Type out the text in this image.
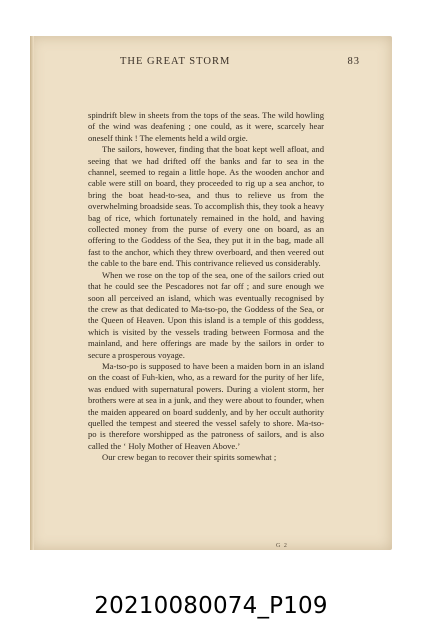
THE GREAT STORM	83

spindrift blew in sheets from the tops of the seas. The wild howling of the wind was deafening ; one could, as it were, scarcely hear oneself think ! The elements held a wild orgie.

The sailors, however, finding that the boat kept well afloat, and seeing that we had drifted off the banks and far to sea in the channel, seemed to regain a little hope. As the wooden anchor and cable were still on board, they proceeded to rig up a sea anchor, to bring the boat head-to-sea, and thus to relieve us from the overwhelming broadside seas. To accomplish this, they took a heavy bag of rice, which fortunately remained in the hold, and having collected money from the purse of every one on board, as an offering to the Goddess of the Sea, they put it in the bag, made all fast to the anchor, which they threw overboard, and then veered out the cable to the bare end. This contrivance relieved us considerably.

When we rose on the top of the sea, one of the sailors cried out that he could see the Pescadores not far off ; and sure enough we soon all perceived an island, which was eventually recognised by the crew as that dedicated to Ma-tso-po, the Goddess of the Sea, or the Queen of Heaven. Upon this island is a temple of this goddess, which is visited by the vessels trading between Formosa and the mainland, and here offerings are made by the sailors in order to secure a prosperous voyage.

Ma-tso-po is supposed to have been a maiden born in an island on the coast of Fuh-kien, who, as a reward for the purity of her life, was endued with supernatural powers. During a violent storm, her brothers were at sea in a junk, and they were about to founder, when the maiden appeared on board suddenly, and by her occult authority quelled the tempest and steered the vessel safely to shore. Ma-tso-po is therefore worshipped as the patroness of sailors, and is also called the ‘ Holy Mother of Heaven Above.’

Our crew began to recover their spirits somewhat ;

G 2
20210080074_P109
